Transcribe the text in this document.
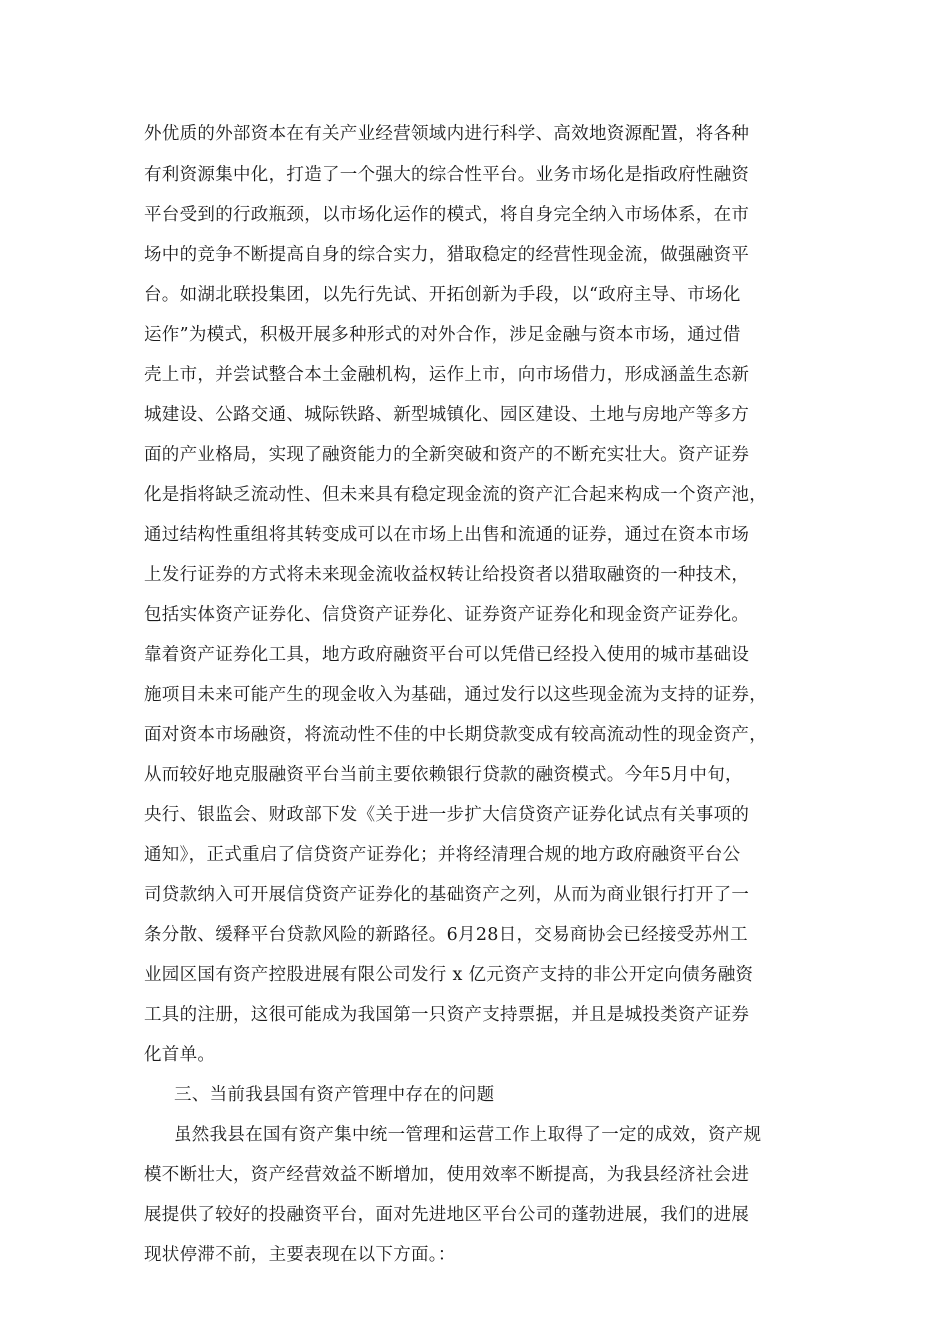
外优质的外部资本在有关产业经营领域内进行科学、高效地资源配置，将各种
有利资源集中化，打造了一个强大的综合性平台。业务市场化是指政府性融资
平台受到的行政瓶颈，以市场化运作的模式，将自身完全纳入市场体系，在市
场中的竞争不断提高自身的综合实力，猎取稳定的经营性现金流，做强融资平
台。如湖北联投集团，以先行先试、开拓创新为手段，以“政府主导、市场化
运作”为模式，积极开展多种形式的对外合作，涉足金融与资本市场，通过借
壳上市，并尝试整合本土金融机构，运作上市，向市场借力，形成涵盖生态新
城建设、公路交通、城际铁路、新型城镇化、园区建设、土地与房地产等多方
面的产业格局，实现了融资能力的全新突破和资产的不断充实壮大。资产证券
化是指将缺乏流动性、但未来具有稳定现金流的资产汇合起来构成一个资产池，
通过结构性重组将其转变成可以在市场上出售和流通的证券，通过在资本市场
上发行证券的方式将未来现金流收益权转让给投资者以猎取融资的一种技术，
包括实体资产证券化、信贷资产证券化、证券资产证券化和现金资产证券化。
靠着资产证券化工具，地方政府融资平台可以凭借已经投入使用的城市基础设
施项目未来可能产生的现金收入为基础，通过发行以这些现金流为支持的证券，
面对资本市场融资，将流动性不佳的中长期贷款变成有较高流动性的现金资产，
从而较好地克服融资平台当前主要依赖银行贷款的融资模式。今年5月中旬，
央行、银监会、财政部下发《关于进一步扩大信贷资产证券化试点有关事项的
通知》，正式重启了信贷资产证券化；并将经清理合规的地方政府融资平台公
司贷款纳入可开展信贷资产证券化的基础资产之列，从而为商业银行打开了一
条分散、缓释平台贷款风险的新路径。6月28日，交易商协会已经接受苏州工
业园区国有资产控股进展有限公司发行 x 亿元资产支持的非公开定向债务融资
工具的注册，这很可能成为我国第一只资产支持票据，并且是城投类资产证券
化首单。
三、当前我县国有资产管理中存在的问题
虽然我县在国有资产集中统一管理和运营工作上取得了一定的成效，资产规
模不断壮大，资产经营效益不断增加，使用效率不断提高，为我县经济社会进
展提供了较好的投融资平台，面对先进地区平台公司的蓬勃进展，我们的进展
现状停滞不前，主要表现在以下方面。：
